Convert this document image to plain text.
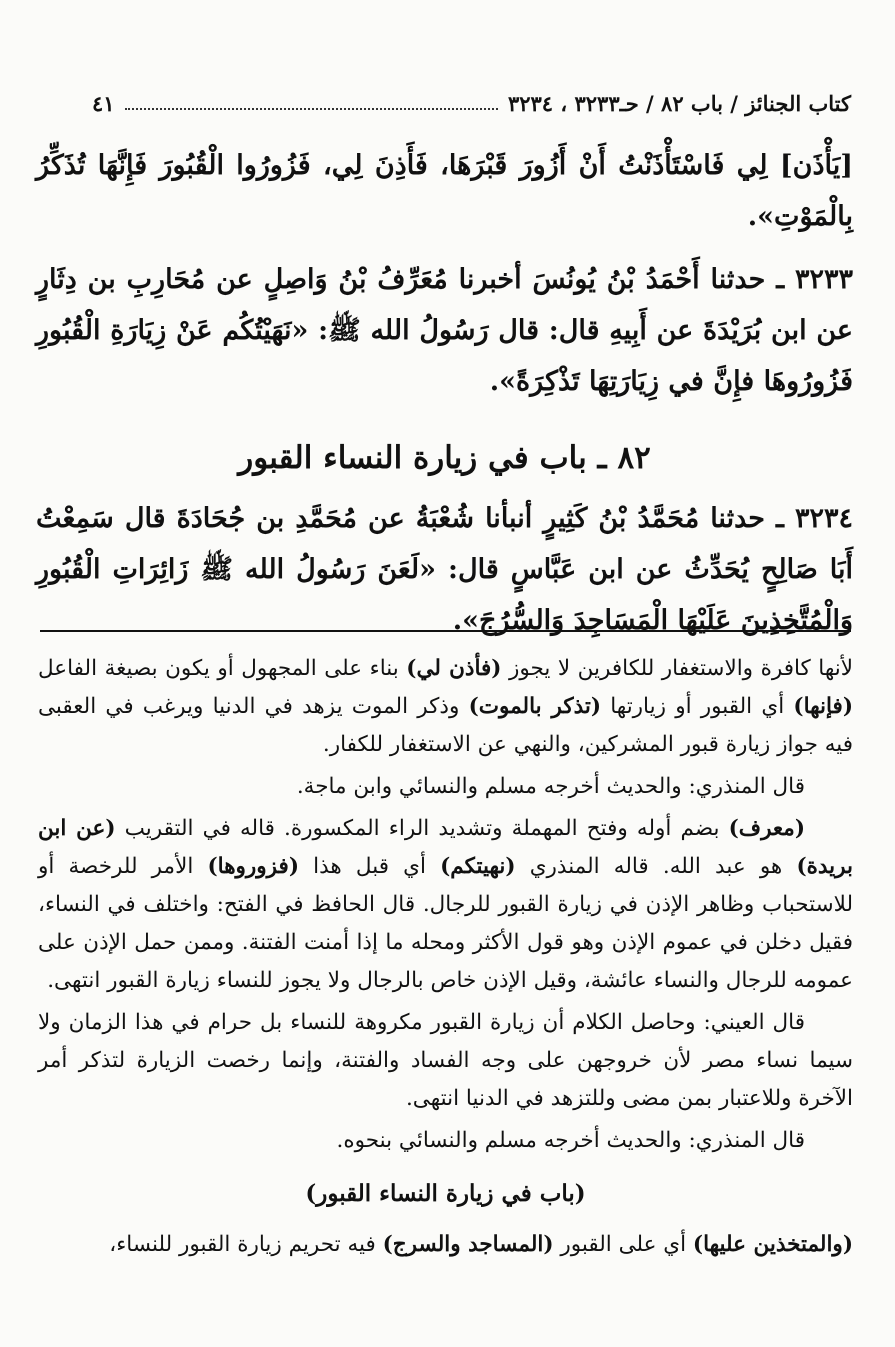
كتاب الجنائز / باب ٨٢ / حـ٣٢٣٣ ، ٣٢٣٤
٤١

[يَأْذَن] لِي فَاسْتَأْذَنْتُ أَنْ أَزُورَ قَبْرَهَا، فَأَذِنَ لِي، فَزُورُوا الْقُبُورَ فَإِنَّهَا تُذَكِّرُ بِالْمَوْتِ».

٣٢٣٣ ـ حدثنا أَحْمَدُ بْنُ يُونُسَ أخبرنا مُعَرِّفُ بْنُ وَاصِلٍ عن مُحَارِبِ بن دِثَارٍ عن ابن بُرَيْدَةَ عن أَبِيهِ قال: قال رَسُولُ الله ﷺ: «نَهَيْتُكُم عَنْ زِيَارَةِ الْقُبُورِ فَزُورُوهَا فإِنَّ في زِيَارَتِهَا تَذْكِرَةً».

٨٢ ـ باب في زيارة النساء القبور

٣٢٣٤ ـ حدثنا مُحَمَّدُ بْنُ كَثِيرٍ أنبأنا شُعْبَةُ عن مُحَمَّدِ بن جُحَادَةَ قال سَمِعْتُ أَبَا صَالِحٍ يُحَدِّثُ عن ابن عَبَّاسٍ قال: «لَعَنَ رَسُولُ الله ﷺ زَائِرَاتِ الْقُبُورِ وَالْمُتَّخِذِينَ عَلَيْهَا الْمَسَاجِدَ وَالسُّرُجَ».

لأنها كافرة والاستغفار للكافرين لا يجوز (فأذن لي) بناء على المجهول أو يكون بصيغة الفاعل (فإنها) أي القبور أو زيارتها (تذكر بالموت) وذكر الموت يزهد في الدنيا ويرغب في العقبى فيه جواز زيارة قبور المشركين، والنهي عن الاستغفار للكفار.

قال المنذري: والحديث أخرجه مسلم والنسائي وابن ماجة.

(معرف) بضم أوله وفتح المهملة وتشديد الراء المكسورة. قاله في التقريب (عن ابن بريدة) هو عبد الله. قاله المنذري (نهيتكم) أي قبل هذا (فزوروها) الأمر للرخصة أو للاستحباب وظاهر الإذن في زيارة القبور للرجال. قال الحافظ في الفتح: واختلف في النساء، فقيل دخلن في عموم الإذن وهو قول الأكثر ومحله ما إذا أمنت الفتنة. وممن حمل الإذن على عمومه للرجال والنساء عائشة، وقيل الإذن خاص بالرجال ولا يجوز للنساء زيارة القبور انتهى.

قال العيني: وحاصل الكلام أن زيارة القبور مكروهة للنساء بل حرام في هذا الزمان ولا سيما نساء مصر لأن خروجهن على وجه الفساد والفتنة، وإنما رخصت الزيارة لتذكر أمر الآخرة وللاعتبار بمن مضى وللتزهد في الدنيا انتهى.

قال المنذري: والحديث أخرجه مسلم والنسائي بنحوه.

(باب في زيارة النساء القبور)

(والمتخذين عليها) أي على القبور (المساجد والسرج) فيه تحريم زيارة القبور للنساء،
